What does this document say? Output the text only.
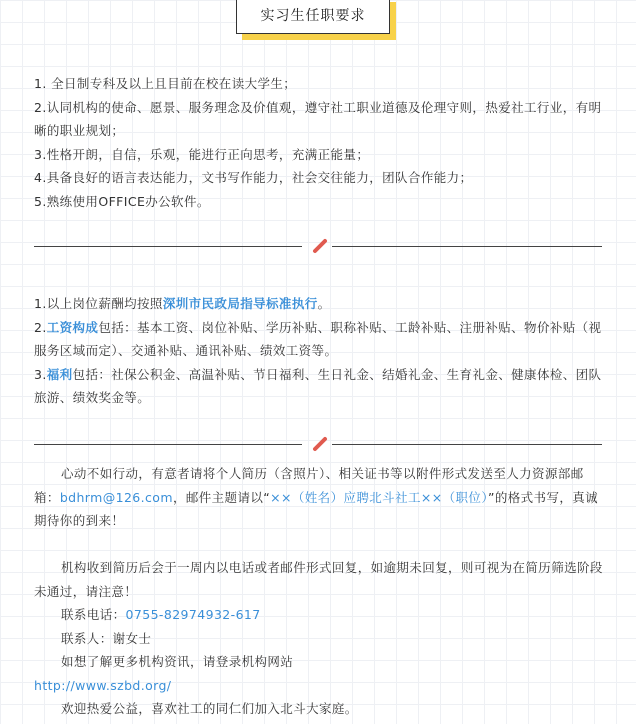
实习生任职要求

1. 全日制专科及以上且目前在校在读大学生；

2.认同机构的使命、愿景、服务理念及价值观，遵守社工职业道德及伦理守则，热爱社工行业，有明晰的职业规划；

3.性格开朗，自信，乐观，能进行正向思考，充满正能量；

4.具备良好的语言表达能力，文书写作能力，社会交往能力，团队合作能力；

5.熟练使用OFFICE办公软件。

1.以上岗位薪酬均按照深圳市民政局指导标准执行。

2.工资构成包括：基本工资、岗位补贴、学历补贴、职称补贴、工龄补贴、注册补贴、物价补贴（视服务区域而定）、交通补贴、通讯补贴、绩效工资等。

3.福利包括：社保公积金、高温补贴、节日福利、生日礼金、结婚礼金、生育礼金、健康体检、团队旅游、绩效奖金等。

心动不如行动，有意者请将个人简历（含照片）、相关证书等以附件形式发送至人力资源部邮箱：bdhrm@126.com，邮件主题请以“××（姓名）应聘北斗社工××（职位）”的格式书写，真诚期待你的到来！

机构收到简历后会于一周内以电话或者邮件形式回复，如逾期未回复，则可视为在简历筛选阶段未通过，请注意！

联系电话：0755-82974932-617

联系人：谢女士

如想了解更多机构资讯，请登录机构网站

http://www.szbd.org/

欢迎热爱公益，喜欢社工的同仁们加入北斗大家庭。
